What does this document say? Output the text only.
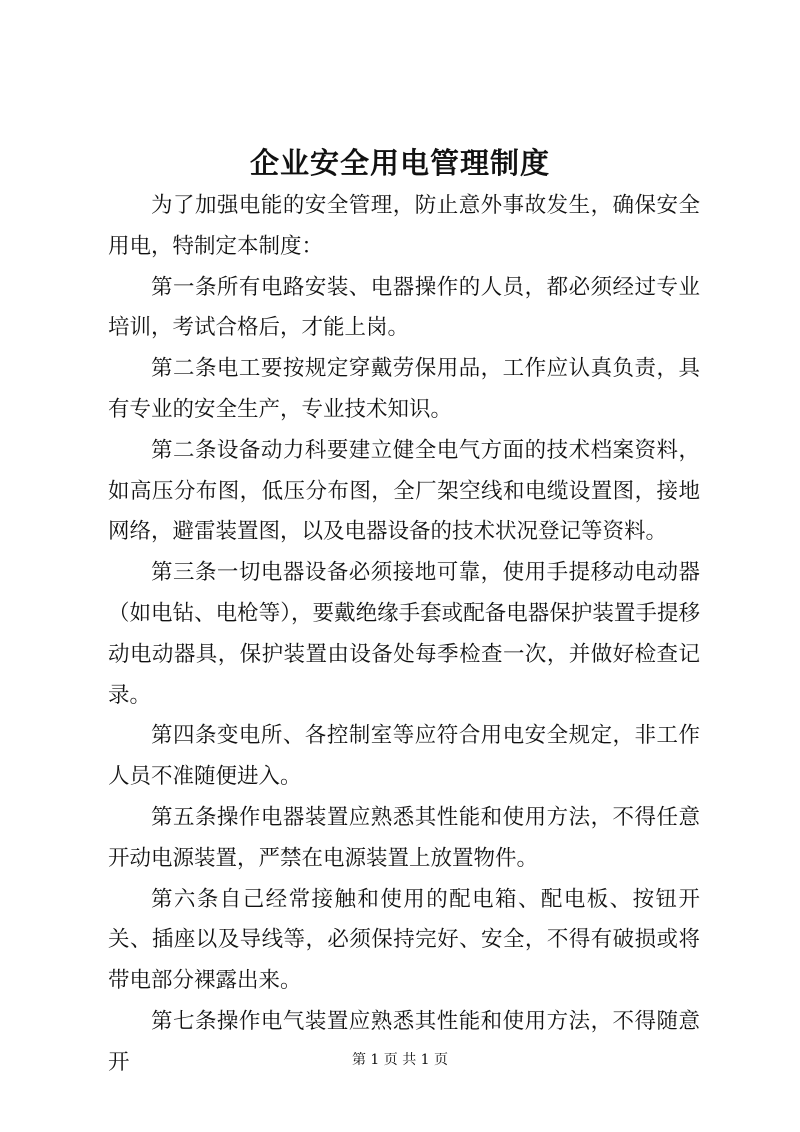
企业安全用电管理制度

为了加强电能的安全管理，防止意外事故发生，确保安全用电，特制定本制度：

第一条所有电路安装、电器操作的人员，都必须经过专业培训，考试合格后，才能上岗。

第二条电工要按规定穿戴劳保用品，工作应认真负责，具有专业的安全生产，专业技术知识。

第二条设备动力科要建立健全电气方面的技术档案资料，如高压分布图，低压分布图，全厂架空线和电缆设置图，接地网络，避雷装置图，以及电器设备的技术状况登记等资料。

第三条一切电器设备必须接地可靠，使用手提移动电动器（如电钻、电枪等），要戴绝缘手套或配备电器保护装置手提移动电动器具，保护装置由设备处每季检查一次，并做好检查记录。

第四条变电所、各控制室等应符合用电安全规定，非工作人员不准随便进入。

第五条操作电器装置应熟悉其性能和使用方法，不得任意开动电源装置，严禁在电源装置上放置物件。

第六条自己经常接触和使用的配电箱、配电板、按钮开关、插座以及导线等，必须保持完好、安全，不得有破损或将带电部分裸露出来。

第七条操作电气装置应熟悉其性能和使用方法，不得随意开	第 1 页 共 1 页
